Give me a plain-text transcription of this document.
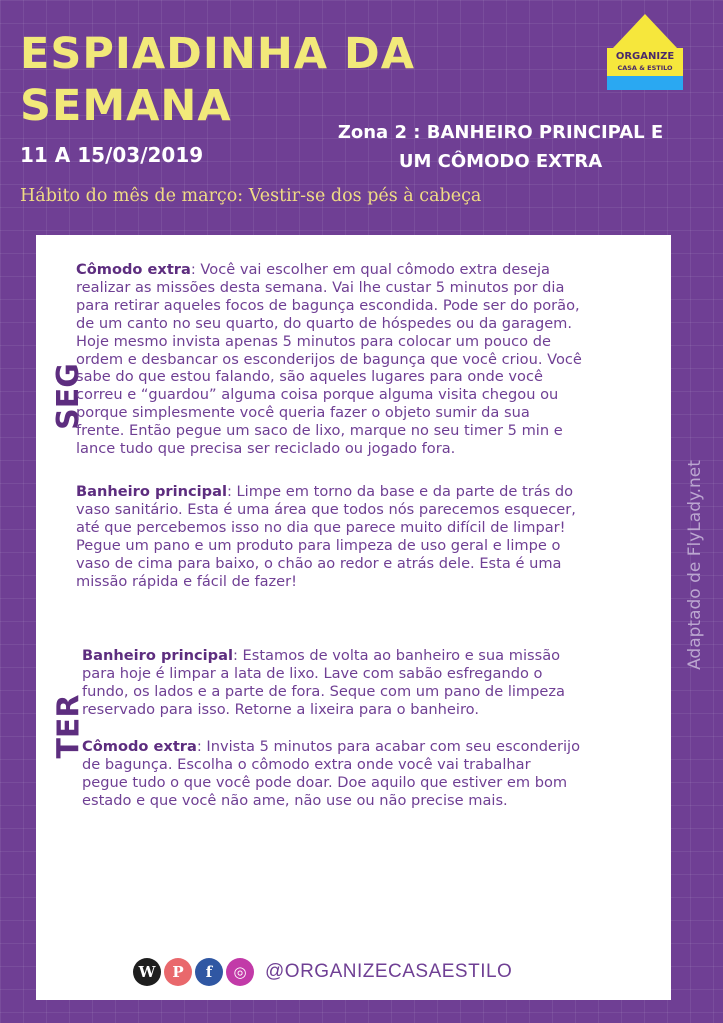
ESPIADINHA DA
SEMANA
11 A 15/03/2019
Zona 2 : BANHEIRO PRINCIPAL E
UM CÔMODO EXTRA
Hábito do mês de março: Vestir-se dos pés à cabeça
ORGANIZE
CASA & ESTILO
SEG
TER

Cômodo extra: Você vai escolher em qual cômodo extra deseja
realizar as missões desta semana. Vai lhe custar 5 minutos por dia
para retirar aqueles focos de bagunça escondida. Pode ser do porão,
de um canto no seu quarto, do quarto de hóspedes ou da garagem.
Hoje mesmo invista apenas 5 minutos para colocar um pouco de
ordem e desbancar os esconderijos de bagunça que você criou. Você
sabe do que estou falando, são aqueles lugares para onde você
correu e “guardou” alguma coisa porque alguma visita chegou ou
porque simplesmente você queria fazer o objeto sumir da sua
frente. Então pegue um saco de lixo, marque no seu timer 5 min e
lance tudo que precisa ser reciclado ou jogado fora.

Banheiro principal: Limpe em torno da base e da parte de trás do
vaso sanitário. Esta é uma área que todos nós parecemos esquecer,
até que percebemos isso no dia que parece muito difícil de limpar!
Pegue um pano e um produto para limpeza de uso geral e limpe o
vaso de cima para baixo, o chão ao redor e atrás dele. Esta é uma
missão rápida e fácil de fazer!

Banheiro principal: Estamos de volta ao banheiro e sua missão
para hoje é limpar a lata de lixo. Lave com sabão esfregando o
fundo, os lados e a parte de fora. Seque com um pano de limpeza
reservado para isso. Retorne a lixeira para o banheiro.

Cômodo extra: Invista 5 minutos para acabar com seu esconderijo
de bagunça. Escolha o cômodo extra onde você vai trabalhar
pegue tudo o que você pode doar. Doe aquilo que estiver em bom
estado e que você não ame, não use ou não precise mais.

Adaptado de FlyLady.net
W	P	f	◎ @ORGANIZECASAESTILO
